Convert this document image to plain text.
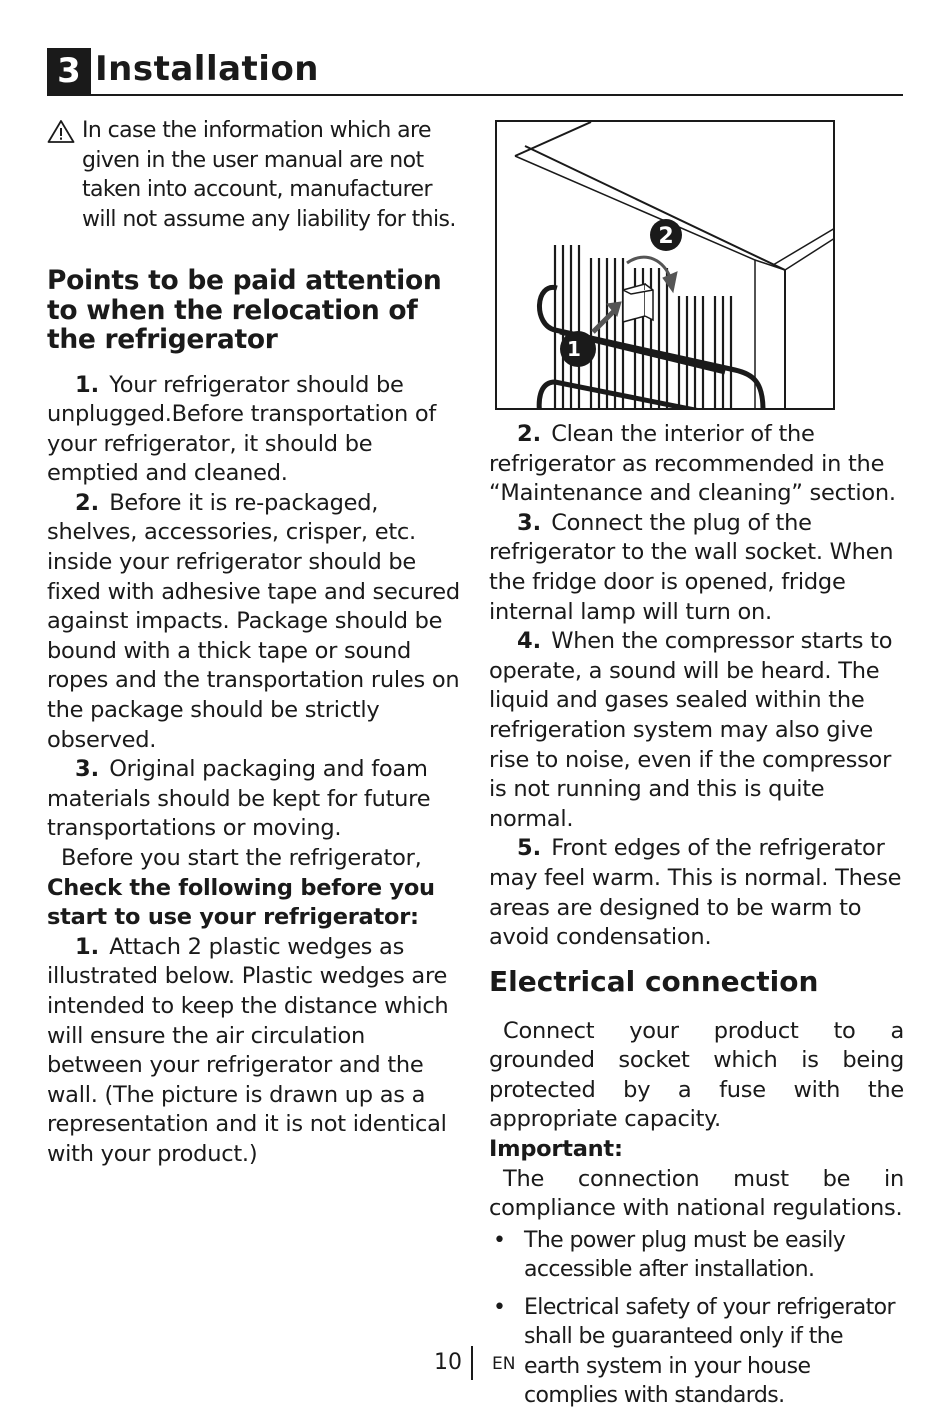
3 Installation
In case the information which are given in the user manual are not taken into account, manufacturer will not assume any liability for this.
Points to be paid attention to when the relocation of the refrigerator

1. Your refrigerator should be unplugged.Before transportation of your refrigerator, it should be emptied and cleaned.

2. Before it is re-packaged, shelves, accessories, crisper, etc. inside your refrigerator should be fixed with adhesive tape and secured against impacts. Package should be bound with a thick tape or sound ropes and the transportation rules on the package should be strictly observed.

3. Original packaging and foam materials should be kept for future transportations or moving.

Before you start the refrigerator,

Check the following before you start to use your refrigerator:

1. Attach 2 plastic wedges as illustrated below. Plastic wedges are intended to keep the distance which will ensure the air circulation between your refrigerator and the wall. (The picture is drawn up as a representation and it is not identical with your product.)

2
1

2. Clean the interior of the refrigerator as recommended in the “Maintenance and cleaning” section.

3. Connect the plug of the refrigerator to the wall socket. When the fridge door is opened, fridge internal lamp will turn on.

4. When the compressor starts to operate, a sound will be heard. The liquid and gases sealed within the refrigeration system may also give rise to noise, even if the compressor is not running and this is quite normal.

5. Front edges of the refrigerator may feel warm. This is normal. These areas are designed to be warm to avoid condensation.

Electrical connection

Connect your product to a grounded socket which is being protected by a fuse with the appropriate capacity.

Important:

The connection must be in compliance with national regulations.

• The power plug must be easily accessible after installation.
• Electrical safety of your refrigerator shall be guaranteed only if the earth system in your house complies with standards.
10 EN
